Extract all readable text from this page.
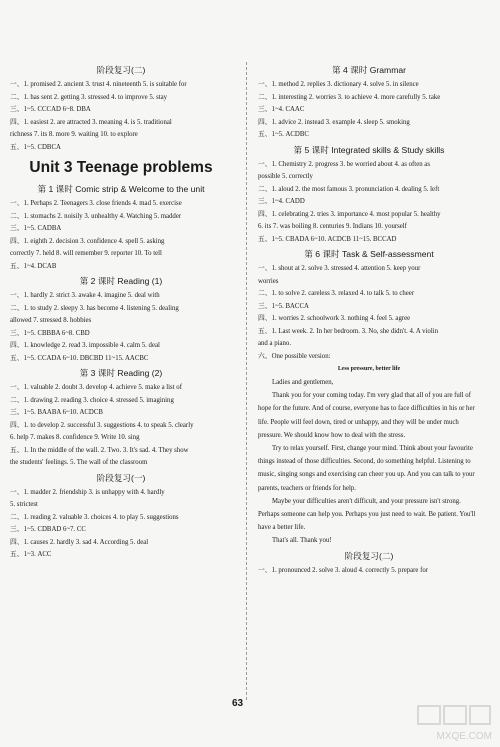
阶段复习(二)
一、1. promised 2. ancient 3. trust 4. nineteenth 5. is suitable for
二、1. has sent 2. getting 3. stressed 4. to improve 5. stay
三、1~5. CCCAD 6~8. DBA
四、1. easiest 2. are attracted 3. meaning 4. is 5. traditional
richness 7. its 8. more 9. waiting 10. to explore
五、1~5. CDBCA
Unit 3 Teenage problems
第 1 课时 Comic strip & Welcome to the unit
一、1. Perhaps 2. Teenagers 3. close friends 4. mad 5. exercise
二、1. stomachs 2. noisily 3. unhealthy 4. Watching 5. madder
三、1~5. CADBA
四、1. eighth 2. decision 3. confidence 4. spell 5. asking
correctly 7. held 8. will remember 9. reporter 10. To tell
五、1~4. DCAB
第 2 课时 Reading (1)
一、1. hardly 2. strict 3. awake 4. imagine 5. deal with
二、1. to study 2. sleepy 3. has become 4. listening 5. dealing
allowed 7. stressed 8. hobbies
三、1~5. CBBBA 6~8. CBD
四、1. knowledge 2. read 3. impossible 4. calm 5. deal
五、1~5. CCADA 6~10. DBCBD 11~15. AACBC
第 3 课时 Reading (2)
一、1. valuable 2. doubt 3. develop 4. achieve 5. make a list of
二、1. drawing 2. reading 3. choice 4. stressed 5. imagining
三、1~5. BAABA 6~10. ACDCB
四、1. to develop 2. successful 3. suggestions 4. to speak 5. clearly
6. help 7. makes 8. confidence 9. Write 10. sing
五、1. In the middle of the wall. 2. Two. 3. It's sad. 4. They show
the students' feelings. 5. The wall of the classroom
阶段复习(一)
一、1. madder 2. friendship 3. is unhappy with 4. hardly
5. strictest
二、1. reading 2. valuable 3. choices 4. to play 5. suggestions
三、1~5. CDBAD 6~7. CC
四、1. causes 2. hardly 3. sad 4. According 5. deal
五、1~3. ACC
第 4 课时 Grammar
一、1. method 2. replies 3. dictionary 4. solve 5. in silence
二、1. interesting 2. worries 3. to achieve 4. more carefully 5. take
三、1~4. CAAC
四、1. advice 2. instead 3. example 4. sleep 5. smoking
五、1~5. ACDBC
第 5 课时 Integrated skills & Study skills
一、1. Chemistry 2. progress 3. be worried about 4. as often as
possible 5. correctly
二、1. aloud 2. the most famous 3. pronunciation 4. dealing 5. left
三、1~4. CADD
四、1. celebrating 2. tries 3. importance 4. most popular 5. healthy
6. its 7. was boiling 8. centuries 9. Indians 10. yourself
五、1~5. CBADA 6~10. ACDCB 11~15. BCCAD
第 6 课时 Task & Self-assessment
一、1. shout at 2. solve 3. stressed 4. attention 5. keep your
worries
二、1. to solve 2. careless 3. relaxed 4. to talk 5. to cheer
三、1~5. BACCA
四、1. worries 2. schoolwork 3. nothing 4. feel 5. agree
五、1. Last week. 2. In her bedroom. 3. No, she didn't. 4. A violin
and a piano.
六、One possible version:
Less pressure, better life
Ladies and gentlemen,
Thank you for your coming today. I'm very glad that all of you are full of hope for the future. And of course, everyone has to face difficulties in his or her life. People will feel down, tired or unhappy, and they will be under much pressure. We should know how to deal with the stress.
Try to relax yourself. First, change your mind. Think about your favourite things instead of those difficulties. Second, do something helpful. Listening to music, singing songs and exercising can cheer you up. And you can talk to your parents, teachers or friends for help.
Maybe your difficulties aren't difficult, and your pressure isn't strong. Perhaps someone can help you. Perhaps you just need to wait. Be patient. You'll have a better life.
That's all. Thank you!
阶段复习(二)
一、1. pronounced 2. solve 3. aloud 4. correctly 5. prepare for
63
MXQE.COM
